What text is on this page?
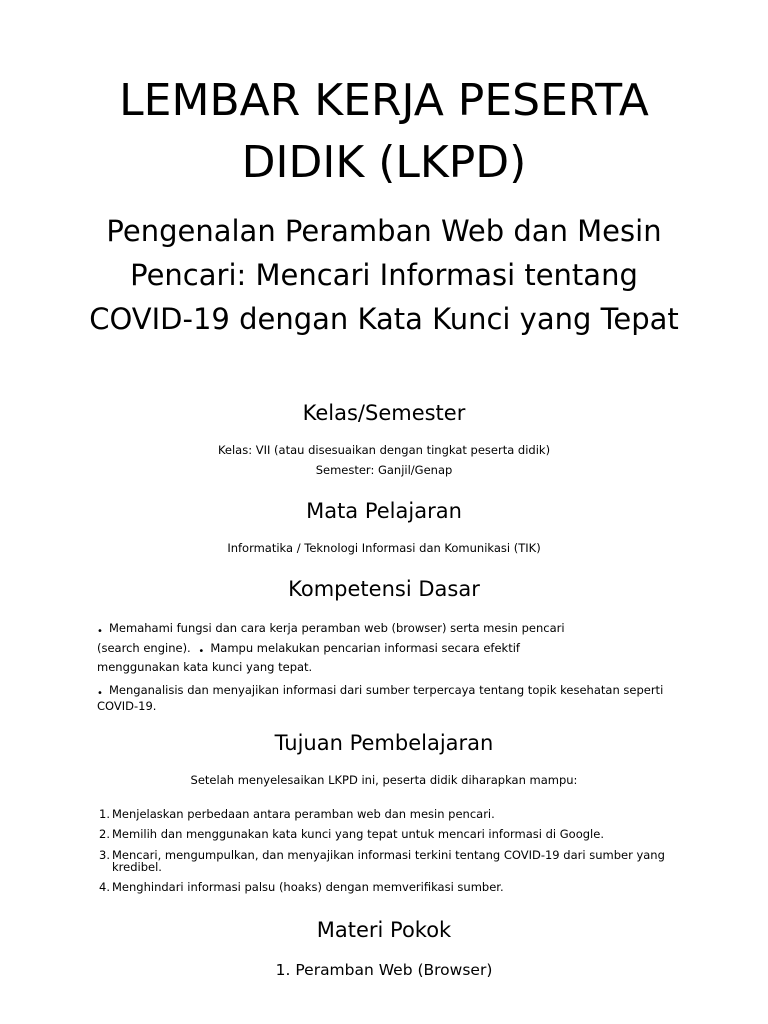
LEMBAR KERJA PESERTA DIDIK (LKPD)
Pengenalan Peramban Web dan Mesin Pencari: Mencari Informasi tentang COVID-19 dengan Kata Kunci yang Tepat
Kelas/Semester

Kelas: VII (atau disesuaikan dengan tingkat peserta didik)

Semester: Ganjil/Genap

Mata Pelajaran

Informatika / Teknologi Informasi dan Komunikasi (TIK)

Kompetensi Dasar
• Memahami fungsi dan cara kerja peramban web (browser) serta mesin pencari
(search engine). • Mampu melakukan pencarian informasi secara efektif
menggunakan kata kunci yang tepat.
• Menganalisis dan menyajikan informasi dari sumber terpercaya tentang topik kesehatan seperti
COVID-19.
Tujuan Pembelajaran

Setelah menyelesaikan LKPD ini, peserta didik diharapkan mampu:

1. Menjelaskan perbedaan antara peramban web dan mesin pencari.
2. Memilih dan menggunakan kata kunci yang tepat untuk mencari informasi di Google.
3. Mencari, mengumpulkan, dan menyajikan informasi terkini tentang COVID-19 dari sumber yang
kredibel.
4. Menghindari informasi palsu (hoaks) dengan memverifikasi sumber.
Materi Pokok
1. Peramban Web (Browser)
